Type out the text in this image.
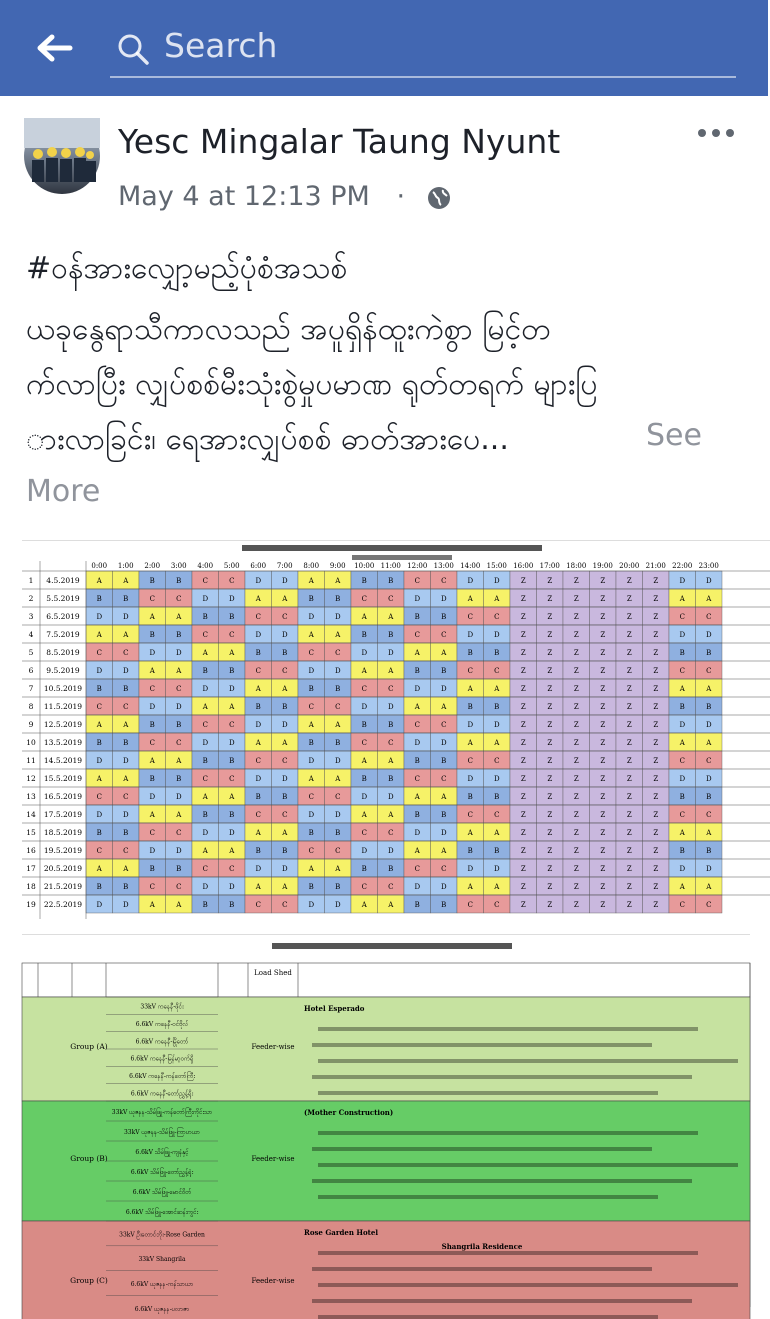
Search
Yesc Mingalar Taung Nyunt
May 4 at 12:13 PM ·
#ဝန်အားလျှော့မည့်ပုံစံအသစ်
ယခုနွေရာသီကာလသည် အပူရှိန်ထူးကဲစွာ မြင့်တ
က်လာပြီး လျှပ်စစ်မီးသုံးစွဲမှုပမာဏ ရုတ်တရက် များပြ
ားလာခြင်း၊ ရေအားလျှပ်စစ် ဓာတ်အားပေ...	See
More
0:00 1:00 2:00 3:00 4:00 5:00 6:00 7:00 8:00 9:00 10:00 11:00 12:00 13:00 14:00 15:00 16:00 17:00 18:00 19:00 20:00 21:00 22:00 23:00
1 4.5.2019 A	A	B	B	C	C	D	D	A	A	B	B	C	C	D	D	Z	Z	Z	Z	Z	Z	D	D
2 5.5.2019 B	B	C	C	D	D	A	A	B	B	C	C	D	D	A	A	Z	Z	Z	Z	Z	Z	A	A
3 6.5.2019 D	D	A	A	B	B	C	C	D	D	A	A	B	B	C	C	Z	Z	Z	Z	Z	Z	C	C
4 7.5.2019 A	A	B	B	C	C	D	D	A	A	B	B	C	C	D	D	Z	Z	Z	Z	Z	Z	D	D
5 8.5.2019 C	C	D	D	A	A	B	B	C	C	D	D	A	A	B	B	Z	Z	Z	Z	Z	Z	B	B
6 9.5.2019 D	D	A	A	B	B	C	C	D	D	A	A	B	B	C	C	Z	Z	Z	Z	Z	Z	C	C
7 10.5.2019 B	B	C	C	D	D	A	A	B	B	C	C	D	D	A	A	Z	Z	Z	Z	Z	Z	A	A
8 11.5.2019 C	C	D	D	A	A	B	B	C	C	D	D	A	A	B	B	Z	Z	Z	Z	Z	Z	B	B
9 12.5.2019 A	A	B	B	C	C	D	D	A	A	B	B	C	C	D	D	Z	Z	Z	Z	Z	Z	D	D
10 13.5.2019 B	B	C	C	D	D	A	A	B	B	C	C	D	D	A	A	Z	Z	Z	Z	Z	Z	A	A
11 14.5.2019 D	D	A	A	B	B	C	C	D	D	A	A	B	B	C	C	Z	Z	Z	Z	Z	Z	C	C
12 15.5.2019 A	A	B	B	C	C	D	D	A	A	B	B	C	C	D	D	Z	Z	Z	Z	Z	Z	D	D
13 16.5.2019 C	C	D	D	A	A	B	B	C	C	D	D	A	A	B	B	Z	Z	Z	Z	Z	Z	B	B
14 17.5.2019 D	D	A	A	B	B	C	C	D	D	A	A	B	B	C	C	Z	Z	Z	Z	Z	Z	C	C
15 18.5.2019 B	B	C	C	D	D	A	A	B	B	C	C	D	D	A	A	Z	Z	Z	Z	Z	Z	A	A
16 19.5.2019 C	C	D	D	A	A	B	B	C	C	D	D	A	A	B	B	Z	Z	Z	Z	Z	Z	B	B
17 20.5.2019 A	A	B	B	C	C	D	D	A	A	B	B	C	C	D	D	Z	Z	Z	Z	Z	Z	D	D
18 21.5.2019 B	B	C	C	D	D	A	A	B	B	C	C	D	D	A	A	Z	Z	Z	Z	Z	Z	A	A
19 22.5.2019 D	D	A	A	B	B	C	C	D	D	A	A	B	B	C	C	Z	Z	Z	Z	Z	Z	C	C
Load Shed
Group (A)
33kV ကနေနီ-ဖိုင်း
6.6kV ကနေနီ-ဝင်ဗိုလ်
6.6kV ကနေနီ-မြိုတော်
6.6kV ကနေနီ-မြန်မာ့ဝက်ရှိ
6.6kV ကနေနီ-ကန်တော်ကြီး
6.6kV ကနေနီ-တော်ညွှန့်ရိုး
Feeder-wise
Hotel Esperado
Group (B)
33kV ယုဇနန-သိမ်ဖြူ-ကန်တော်ကြီးကိုင်းသာ
33kV ယုဇနန-သိမ်ဖြူ-ကြာဟယာ
6.6kV သိမ်ဖြူ-ကျနံနှင့်
6.6kV သိမ်ဖြူ-တော်ညွှန့်ရုံး
6.6kV သိမ်ဖြူ-မောင်ဝိတ်
6.6kV သိမ်ဖြူ-အောင်ဆန်းကွင်း
Feeder-wise
(Mother Construction)
Group (C)
33kV ဦးတောင်ဘိုး-Rose Garden
33kV Shangrila
6.6kV ယုဇနန-ကန်သာယာ
6.6kV ယုဇနန-ပလာဇာ
Feeder-wise
Rose Garden Hotel
Shangrila Residence
